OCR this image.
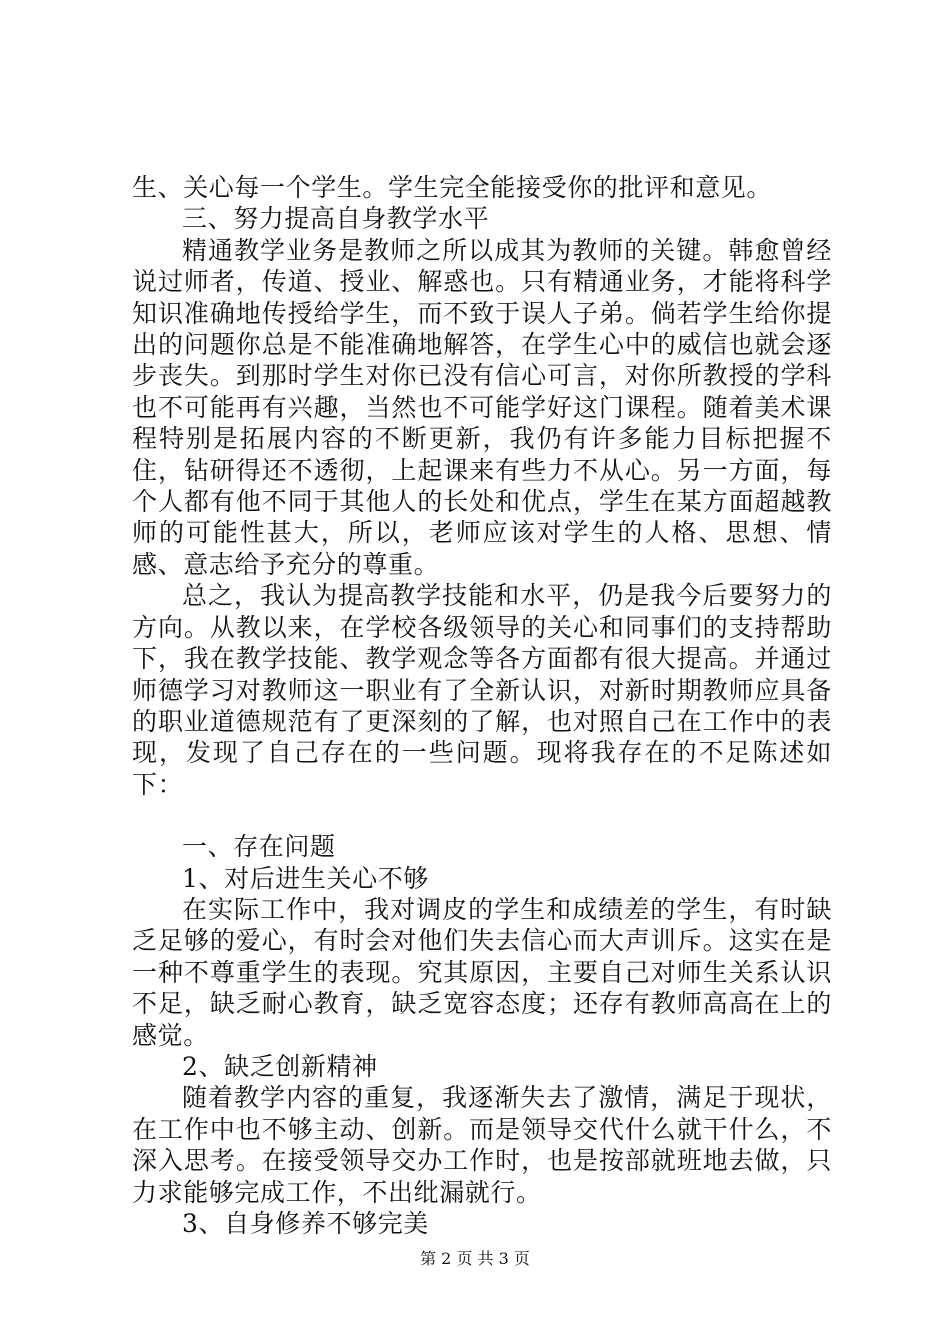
生、关心每一个学生。学生完全能接受你的批评和意见。

三、努力提高自身教学水平

精通教学业务是教师之所以成其为教师的关键。韩愈曾经说过师者，传道、授业、解惑也。只有精通业务，才能将科学知识准确地传授给学生，而不致于误人子弟。倘若学生给你提出的问题你总是不能准确地解答，在学生心中的威信也就会逐步丧失。到那时学生对你已没有信心可言，对你所教授的学科也不可能再有兴趣，当然也不可能学好这门课程。随着美术课程特别是拓展内容的不断更新，我仍有许多能力目标把握不住，钻研得还不透彻，上起课来有些力不从心。另一方面，每个人都有他不同于其他人的长处和优点，学生在某方面超越教师的可能性甚大，所以，老师应该对学生的人格、思想、情感、意志给予充分的尊重。

总之，我认为提高教学技能和水平，仍是我今后要努力的方向。从教以来，在学校各级领导的关心和同事们的支持帮助下，我在教学技能、教学观念等各方面都有很大提高。并通过师德学习对教师这一职业有了全新认识，对新时期教师应具备的职业道德规范有了更深刻的了解，也对照自己在工作中的表现，发现了自己存在的一些问题。现将我存在的不足陈述如下：

一、存在问题

1、对后进生关心不够

在实际工作中，我对调皮的学生和成绩差的学生，有时缺乏足够的爱心，有时会对他们失去信心而大声训斥。这实在是一种不尊重学生的表现。究其原因，主要自己对师生关系认识不足，缺乏耐心教育，缺乏宽容态度；还存有教师高高在上的感觉。

2、缺乏创新精神

随着教学内容的重复，我逐渐失去了激情，满足于现状，在工作中也不够主动、创新。而是领导交代什么就干什么，不深入思考。在接受领导交办工作时，也是按部就班地去做，只力求能够完成工作，不出纰漏就行。

3、自身修养不够完美

第 2 页 共 3 页
